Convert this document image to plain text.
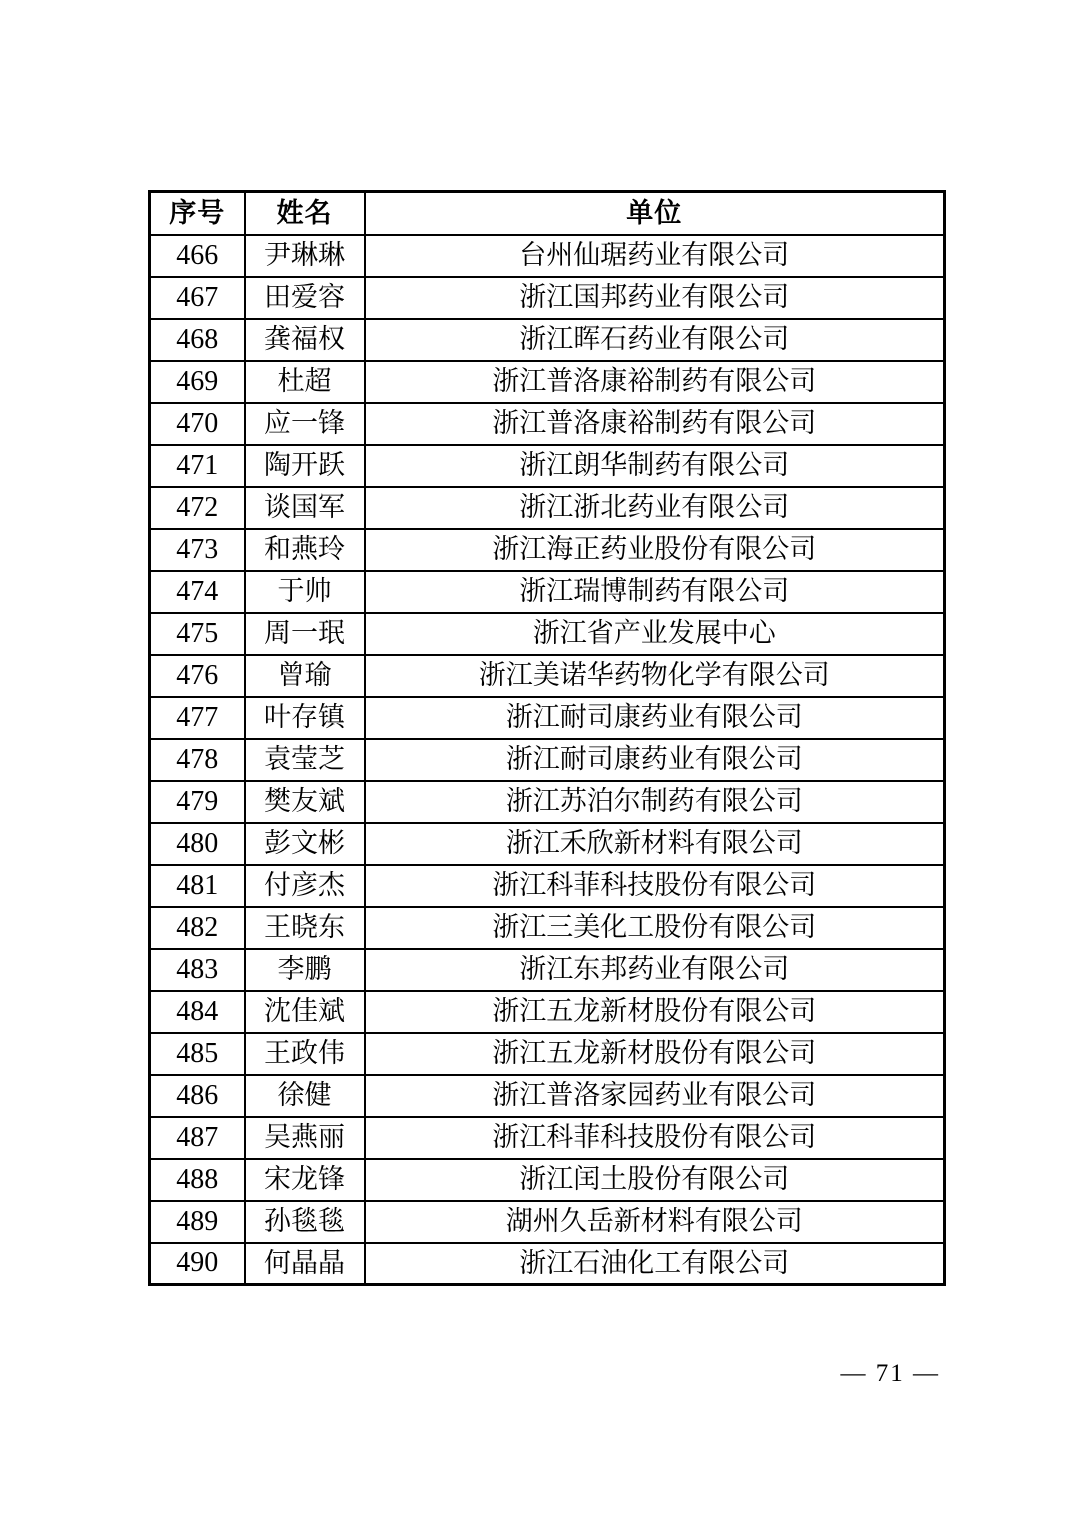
序号	姓名	单位
466	尹琳琳	台州仙琚药业有限公司
467	田爱容	浙江国邦药业有限公司
468	龚福权	浙江晖石药业有限公司
469	杜超	浙江普洛康裕制药有限公司
470	应一锋	浙江普洛康裕制药有限公司
471	陶开跃	浙江朗华制药有限公司
472	谈国军	浙江浙北药业有限公司
473	和燕玲	浙江海正药业股份有限公司
474	于帅	浙江瑞博制药有限公司
475	周一珉	浙江省产业发展中心
476	曾瑜	浙江美诺华药物化学有限公司
477	叶存镇	浙江耐司康药业有限公司
478	袁莹芝	浙江耐司康药业有限公司
479	樊友斌	浙江苏泊尔制药有限公司
480	彭文彬	浙江禾欣新材料有限公司
481	付彦杰	浙江科菲科技股份有限公司
482	王晓东	浙江三美化工股份有限公司
483	李鹏	浙江东邦药业有限公司
484	沈佳斌	浙江五龙新材股份有限公司
485	王政伟	浙江五龙新材股份有限公司
486	徐健	浙江普洛家园药业有限公司
487	吴燕丽	浙江科菲科技股份有限公司
488	宋龙锋	浙江闰土股份有限公司
489	孙毯毯	湖州久岳新材料有限公司
490	何晶晶	浙江石油化工有限公司
— 71 —
